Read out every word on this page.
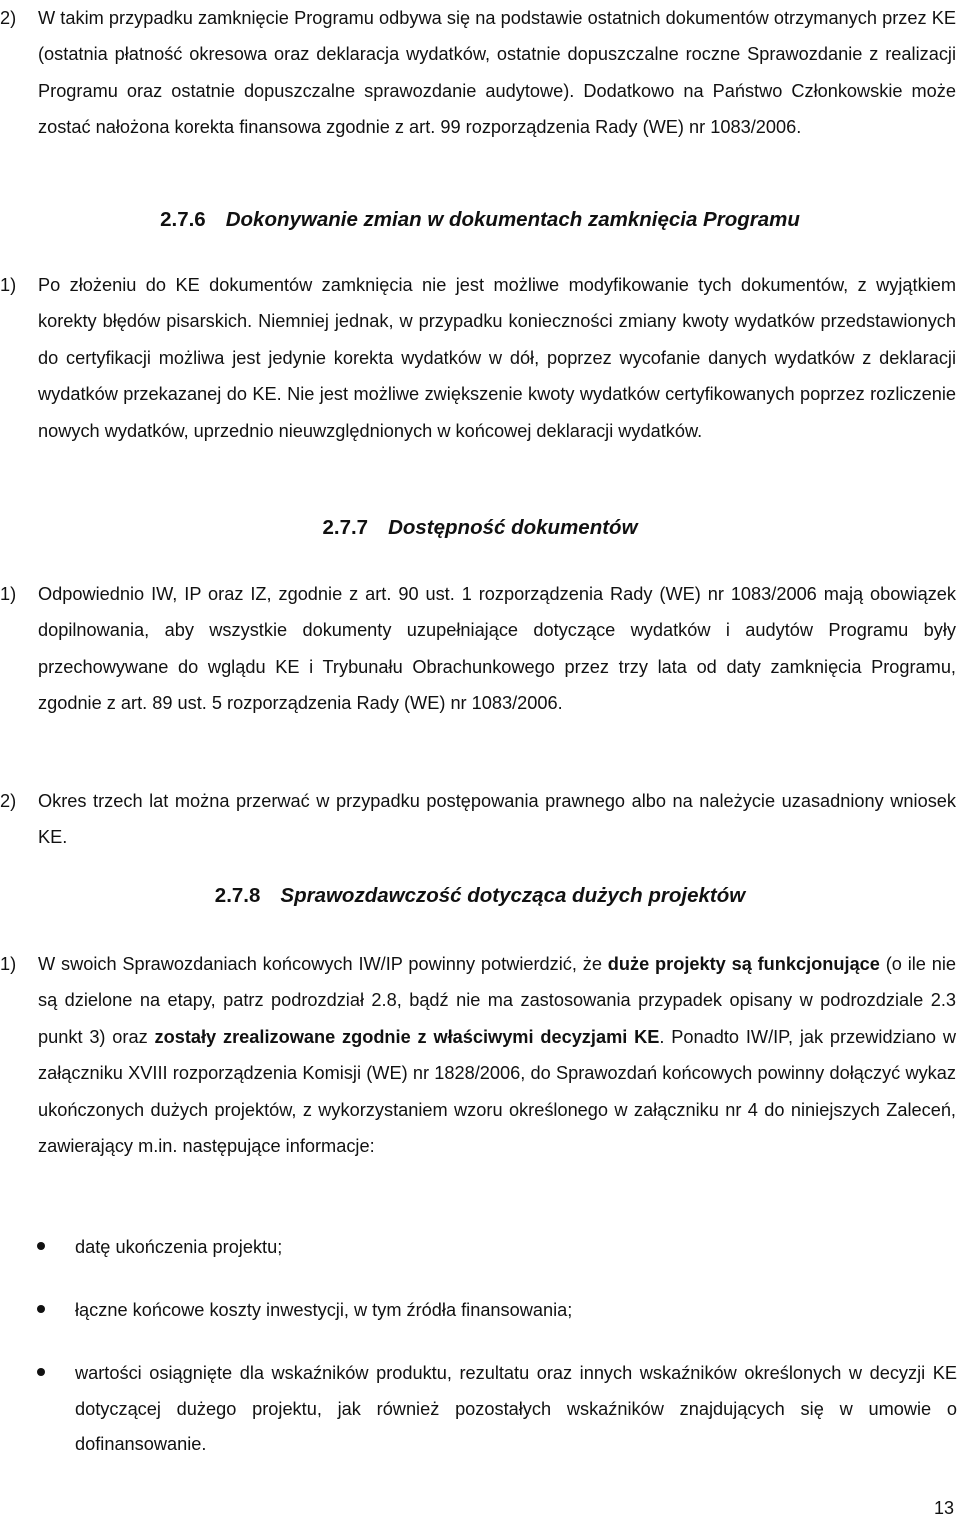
2) W takim przypadku zamknięcie Programu odbywa się na podstawie ostatnich dokumentów otrzymanych przez KE (ostatnia płatność okresowa oraz deklaracja wydatków, ostatnie dopuszczalne roczne Sprawozdanie z realizacji Programu oraz ostatnie dopuszczalne sprawozdanie audytowe). Dodatkowo na Państwo Członkowskie może zostać nałożona korekta finansowa zgodnie z art. 99 rozporządzenia Rady (WE) nr 1083/2006.

2.7.6 Dokonywanie zmian w dokumentach zamknięcia Programu
1) Po złożeniu do KE dokumentów zamknięcia nie jest możliwe modyfikowanie tych dokumentów, z wyjątkiem korekty błędów pisarskich. Niemniej jednak, w przypadku konieczności zmiany kwoty wydatków przedstawionych do certyfikacji możliwa jest jedynie korekta wydatków w dół, poprzez wycofanie danych wydatków z deklaracji wydatków przekazanej do KE. Nie jest możliwe zwiększenie kwoty wydatków certyfikowanych poprzez rozliczenie nowych wydatków, uprzednio nieuwzględnionych w końcowej deklaracji wydatków.

2.7.7 Dostępność dokumentów
1) Odpowiednio IW, IP oraz IZ, zgodnie z art. 90 ust. 1 rozporządzenia Rady (WE) nr 1083/2006 mają obowiązek dopilnowania, aby wszystkie dokumenty uzupełniające dotyczące wydatków i audytów Programu były przechowywane do wglądu KE i Trybunału Obrachunkowego przez trzy lata od daty zamknięcia Programu, zgodnie z art. 89 ust. 5 rozporządzenia Rady (WE) nr 1083/2006.

2) Okres trzech lat można przerwać w przypadku postępowania prawnego albo na należycie uzasadniony wniosek KE.

2.7.8 Sprawozdawczość dotycząca dużych projektów
1) W swoich Sprawozdaniach końcowych IW/IP powinny potwierdzić, że duże projekty są funkcjonujące (o ile nie są dzielone na etapy, patrz podrozdział 2.8, bądź nie ma zastosowania przypadek opisany w podrozdziale 2.3 punkt 3) oraz zostały zrealizowane zgodnie z właściwymi decyzjami KE. Ponadto IW/IP, jak przewidziano w załączniku XVIII rozporządzenia Komisji (WE) nr 1828/2006, do Sprawozdań końcowych powinny dołączyć wykaz ukończonych dużych projektów, z wykorzystaniem wzoru określonego w załączniku nr 4 do niniejszych Zaleceń, zawierający m.in. następujące informacje:

datę ukończenia projektu;
łączne końcowe koszty inwestycji, w tym źródła finansowania;
wartości osiągnięte dla wskaźników produktu, rezultatu oraz innych wskaźników określonych w decyzji KE dotyczącej dużego projektu, jak również pozostałych wskaźników znajdujących się w umowie o dofinansowanie.
13
